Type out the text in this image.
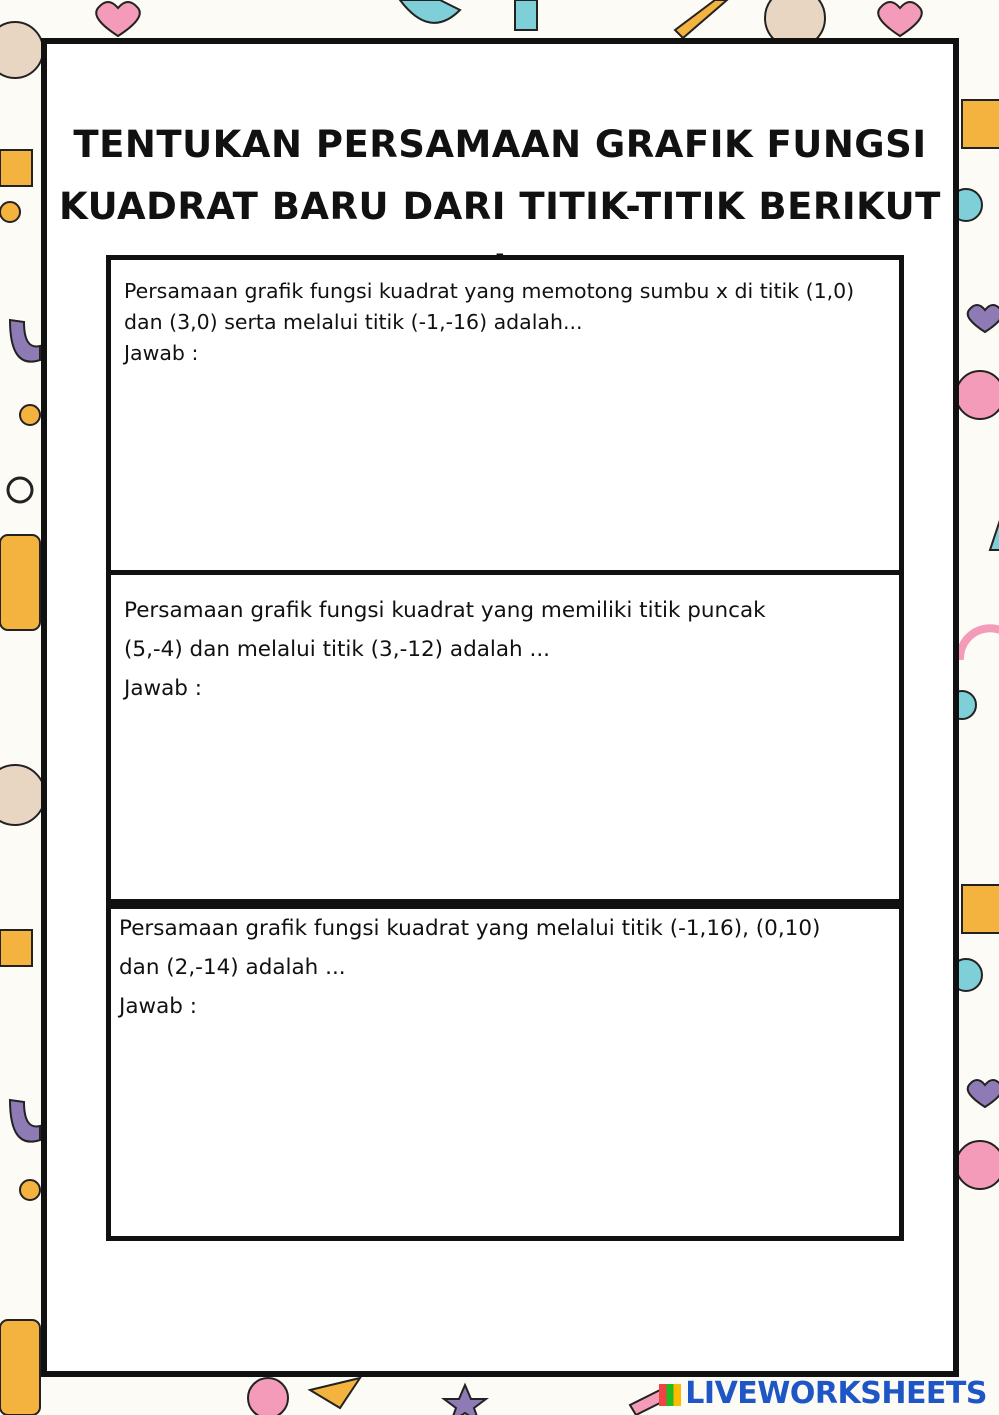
TENTUKAN PERSAMAAN GRAFIK FUNGSI
KUADRAT BARU DARI TITIK-TITIK BERIKUT

Persamaan grafik fungsi kuadrat yang memotong sumbu x di titik (1,0)
dan (3,0) serta melalui titik (-1,-16) adalah...
Jawab :

Persamaan grafik fungsi kuadrat yang memiliki titik puncak
(5,-4) dan melalui titik (3,-12) adalah ...
Jawab :

Persamaan grafik fungsi kuadrat yang melalui titik (-1,16), (0,10)
dan (2,-14) adalah ...
Jawab :

LIVEWORKSHEETS
